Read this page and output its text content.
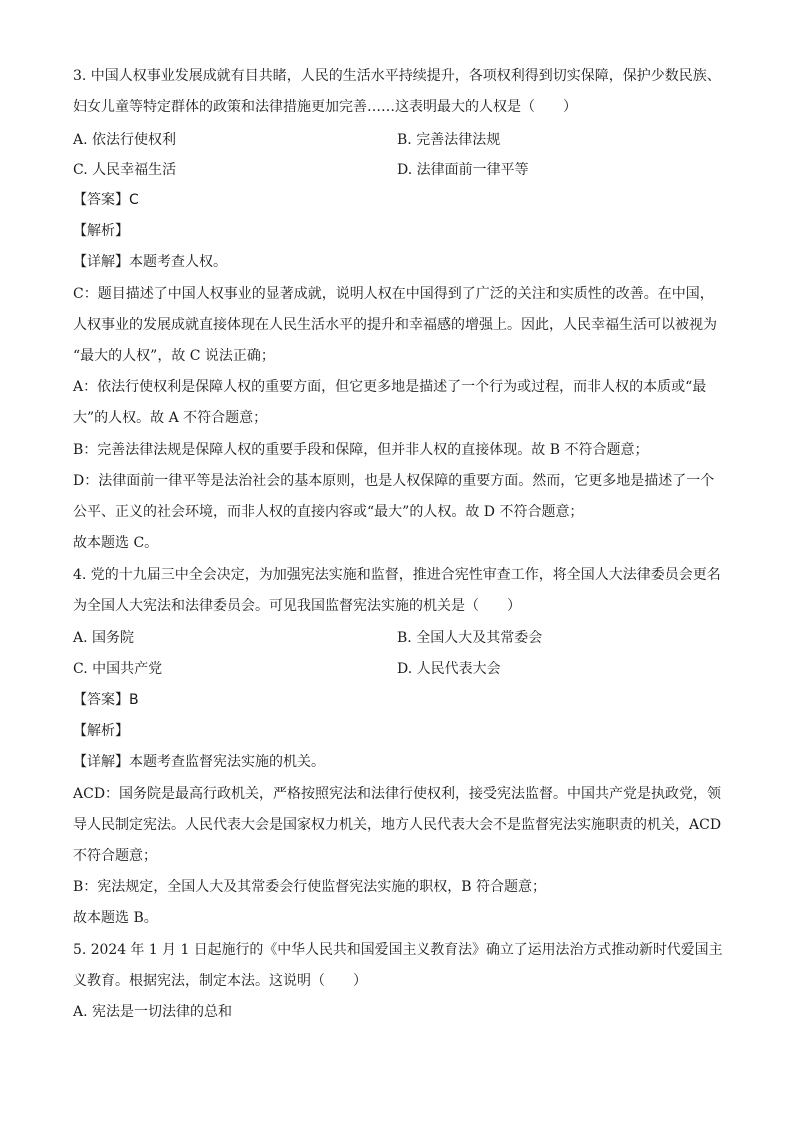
3. 中国人权事业发展成就有目共睹，人民的生活水平持续提升，各项权利得到切实保障，保护少数民族、
妇女儿童等特定群体的政策和法律措施更加完善……这表明最大的人权是（　　）
A. 依法行使权利	B. 完善法律法规
C. 人民幸福生活	D. 法律面前一律平等
【答案】C
【解析】
【详解】本题考查人权。
C：题目描述了中国人权事业的显著成就，说明人权在中国得到了广泛的关注和实质性的改善。在中国，
人权事业的发展成就直接体现在人民生活水平的提升和幸福感的增强上。因此，人民幸福生活可以被视为
“最大的人权”，故 C 说法正确；
A：依法行使权利是保障人权的重要方面，但它更多地是描述了一个行为或过程，而非人权的本质或“最
大”的人权。故 A 不符合题意；
B：完善法律法规是保障人权的重要手段和保障，但并非人权的直接体现。故 B 不符合题意；
D：法律面前一律平等是法治社会的基本原则，也是人权保障的重要方面。然而，它更多地是描述了一个
公平、正义的社会环境，而非人权的直接内容或“最大”的人权。故 D 不符合题意；
故本题选 C。
4. 党的十九届三中全会决定，为加强宪法实施和监督，推进合宪性审查工作，将全国人大法律委员会更名
为全国人大宪法和法律委员会。可见我国监督宪法实施的机关是（　　）
A. 国务院	B. 全国人大及其常委会
C. 中国共产党	D. 人民代表大会
【答案】B
【解析】
【详解】本题考查监督宪法实施的机关。
ACD：国务院是最高行政机关，严格按照宪法和法律行使权利，接受宪法监督。中国共产党是执政党，领
导人民制定宪法。人民代表大会是国家权力机关，地方人民代表大会不是监督宪法实施职责的机关，ACD
不符合题意；
B：宪法规定，全国人大及其常委会行使监督宪法实施的职权，B 符合题意；
故本题选 B。
5. 2024 年 1 月 1 日起施行的《中华人民共和国爱国主义教育法》确立了运用法治方式推动新时代爱国主
义教育。根据宪法，制定本法。这说明（　　）
A. 宪法是一切法律的总和
